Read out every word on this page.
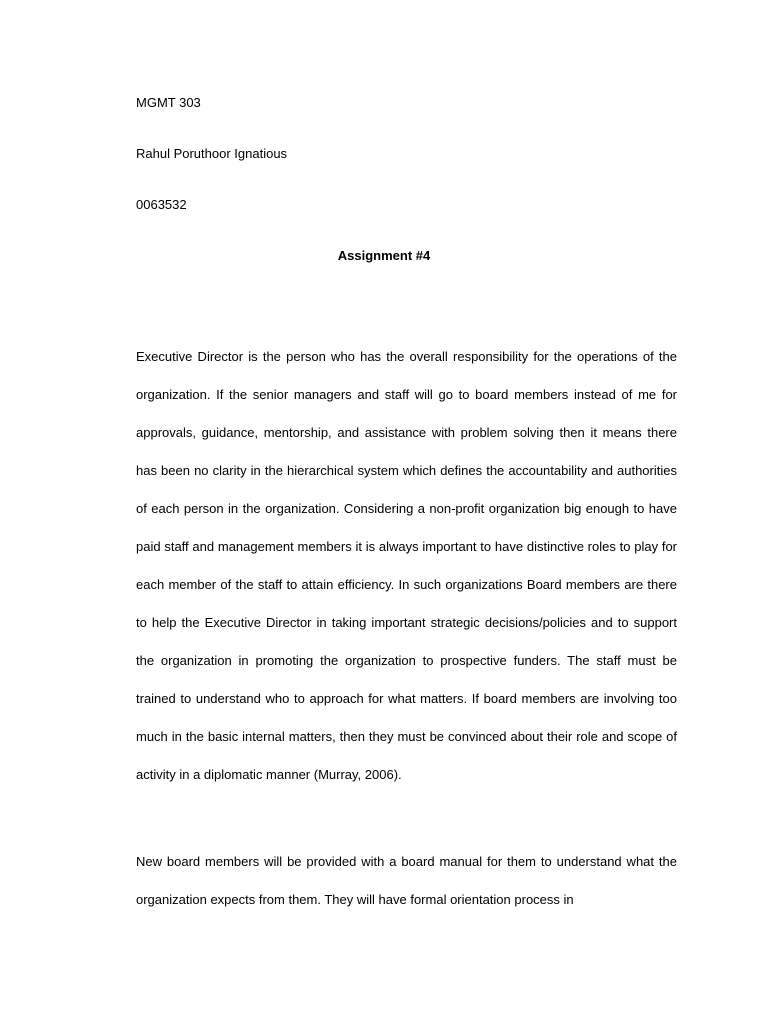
MGMT 303

Rahul Poruthoor Ignatious

0063532

Assignment #4

Executive Director is the person who has the overall responsibility for the operations of the organization. If the senior managers and staff will go to board members instead of me for approvals, guidance, mentorship, and assistance with problem solving then it means there has been no clarity in the hierarchical system which defines the accountability and authorities of each person in the organization. Considering a non-profit organization big enough to have paid staff and management members it is always important to have distinctive roles to play for each member of the staff to attain efficiency. In such organizations Board members are there to help the Executive Director in taking important strategic decisions/policies and to support the organization in promoting the organization to prospective funders. The staff must be trained to understand who to approach for what matters. If board members are involving too much in the basic internal matters, then they must be convinced about their role and scope of activity in a diplomatic manner (Murray, 2006).

New board members will be provided with a board manual for them to understand what the organization expects from them. They will have formal orientation process in
